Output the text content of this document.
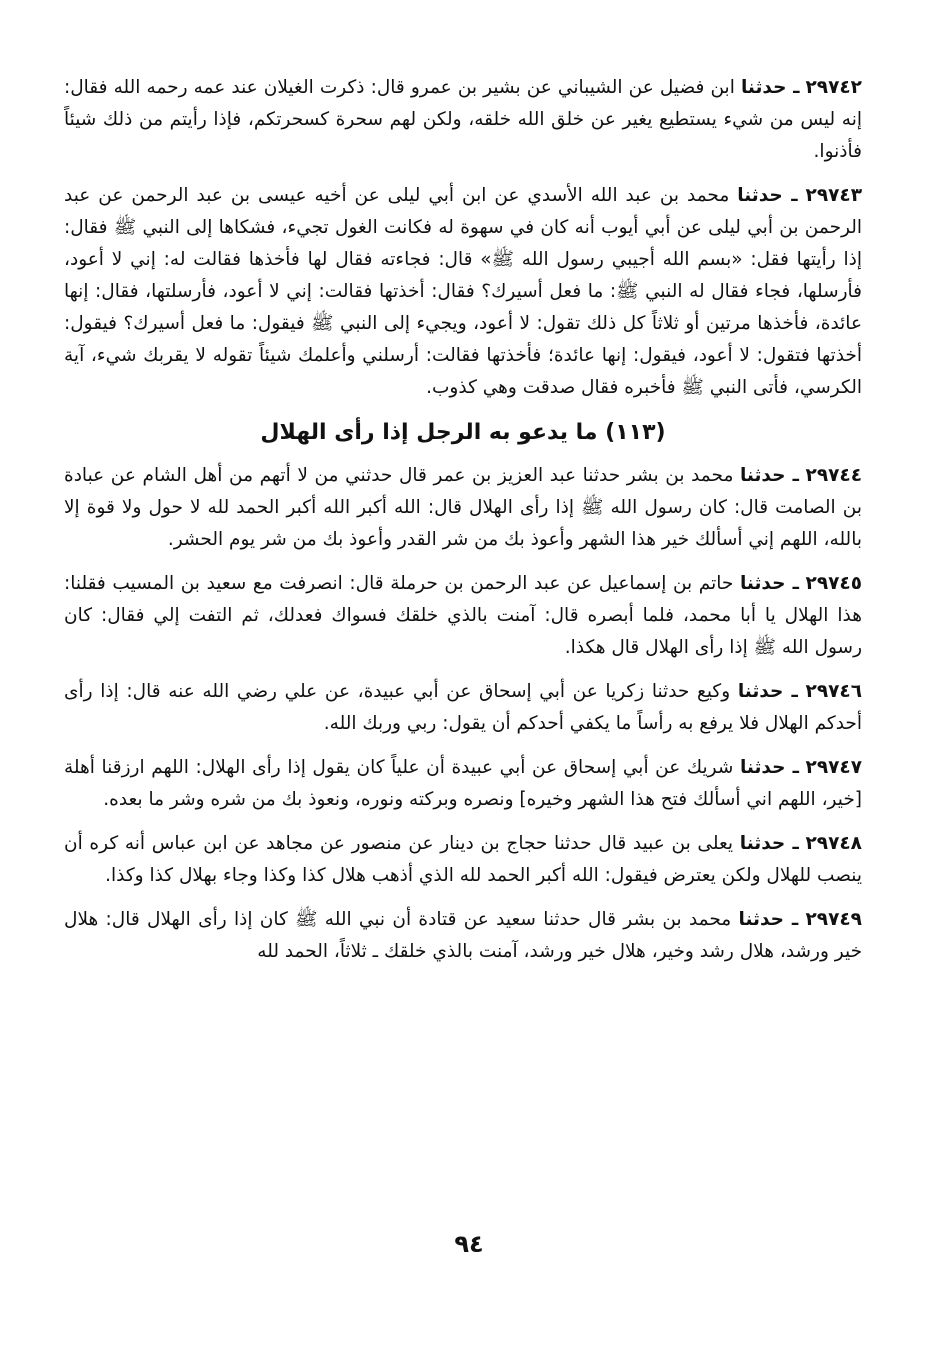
٢٩٧٤٢ ـ حدثنا ابن فضيل عن الشيباني عن بشير بن عمرو قال: ذكرت الغيلان عند عمه رحمه الله فقال: إنه ليس من شيء يستطيع يغير عن خلق الله خلقه، ولكن لهم سحرة كسحرتكم، فإذا رأيتم من ذلك شيئاً فأذنوا.

٢٩٧٤٣ ـ حدثنا محمد بن عبد الله الأسدي عن ابن أبي ليلى عن أخيه عيسى بن عبد الرحمن عن عبد الرحمن بن أبي ليلى عن أبي أيوب أنه كان في سهوة له فكانت الغول تجيء، فشكاها إلى النبي ﷺ فقال: إذا رأيتها فقل: «بسم الله أجيبي رسول الله ﷺ» قال: فجاءته فقال لها فأخذها فقالت له: إني لا أعود، فأرسلها، فجاء فقال له النبي ﷺ: ما فعل أسيرك؟ فقال: أخذتها فقالت: إني لا أعود، فأرسلتها، فقال: إنها عائدة، فأخذها مرتين أو ثلاثاً كل ذلك تقول: لا أعود، ويجيء إلى النبي ﷺ فيقول: ما فعل أسيرك؟ فيقول: أخذتها فتقول: لا أعود، فيقول: إنها عائدة؛ فأخذتها فقالت: أرسلني وأعلمك شيئاً تقوله لا يقربك شيء، آية الكرسي، فأتى النبي ﷺ فأخبره فقال صدقت وهي كذوب.

(١١٣) ما يدعو به الرجل إذا رأى الهلال

٢٩٧٤٤ ـ حدثنا محمد بن بشر حدثنا عبد العزيز بن عمر قال حدثني من لا أتهم من أهل الشام عن عبادة بن الصامت قال: كان رسول الله ﷺ إذا رأى الهلال قال: الله أكبر الله أكبر الحمد لله لا حول ولا قوة إلا بالله، اللهم إني أسألك خير هذا الشهر وأعوذ بك من شر القدر وأعوذ بك من شر يوم الحشر.

٢٩٧٤٥ ـ حدثنا حاتم بن إسماعيل عن عبد الرحمن بن حرملة قال: انصرفت مع سعيد بن المسيب فقلنا: هذا الهلال يا أبا محمد، فلما أبصره قال: آمنت بالذي خلقك فسواك فعدلك، ثم التفت إلي فقال: كان رسول الله ﷺ إذا رأى الهلال قال هكذا.

٢٩٧٤٦ ـ حدثنا وكيع حدثنا زكريا عن أبي إسحاق عن أبي عبيدة، عن علي رضي الله عنه قال: إذا رأى أحدكم الهلال فلا يرفع به رأساً ما يكفي أحدكم أن يقول: ربي وربك الله.

٢٩٧٤٧ ـ حدثنا شريك عن أبي إسحاق عن أبي عبيدة أن علياً كان يقول إذا رأى الهلال: اللهم ارزقنا أهلة [خير، اللهم اني أسألك فتح هذا الشهر وخيره] ونصره وبركته ونوره، ونعوذ بك من شره وشر ما بعده.

٢٩٧٤٨ ـ حدثنا يعلى بن عبيد قال حدثنا حجاج بن دينار عن منصور عن مجاهد عن ابن عباس أنه كره أن ينصب للهلال ولكن يعترض فيقول: الله أكبر الحمد لله الذي أذهب هلال كذا وكذا وجاء بهلال كذا وكذا.

٢٩٧٤٩ ـ حدثنا محمد بن بشر قال حدثنا سعيد عن قتادة أن نبي الله ﷺ كان إذا رأى الهلال قال: هلال خير ورشد، هلال رشد وخير، هلال خير ورشد، آمنت بالذي خلقك ـ ثلاثاً، الحمد لله

٩٤
